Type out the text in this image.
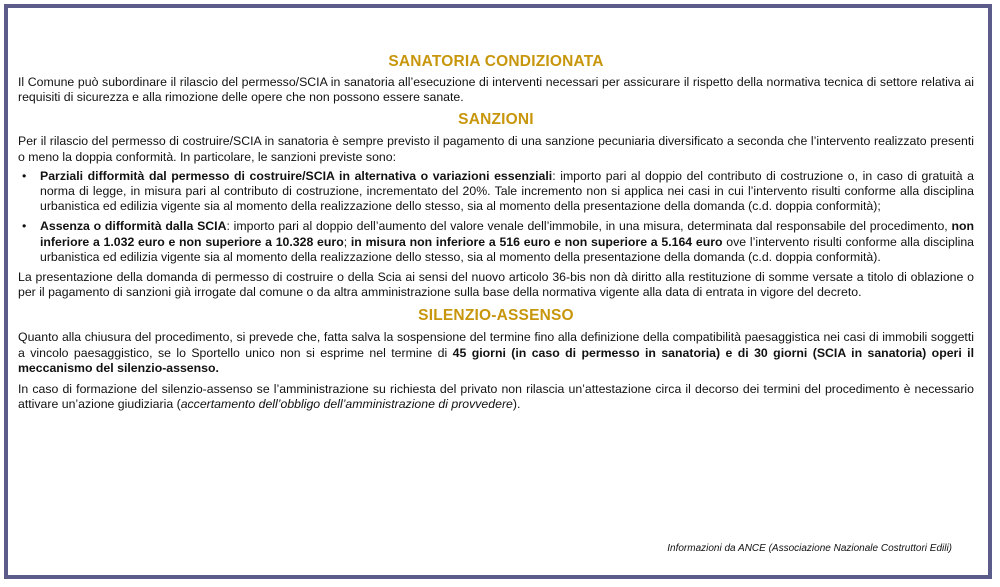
SANATORIA CONDIZIONATA

Il Comune può subordinare il rilascio del permesso/SCIA in sanatoria all’esecuzione di interventi necessari per assicurare il rispetto della normativa tecnica di settore relativa ai requisiti di sicurezza e alla rimozione delle opere che non possono essere sanate.

SANZIONI

Per il rilascio del permesso di costruire/SCIA in sanatoria è sempre previsto il pagamento di una sanzione pecuniaria diversificato a seconda che l’intervento realizzato presenti o meno la doppia conformità. In particolare, le sanzioni previste sono:

• Parziali difformità dal permesso di costruire/SCIA in alternativa o variazioni essenziali: importo pari al doppio del contributo di costruzione o, in caso di gratuità a norma di legge, in misura pari al contributo di costruzione, incrementato del 20%. Tale incremento non si applica nei casi in cui l’intervento risulti conforme alla disciplina urbanistica ed edilizia vigente sia al momento della realizzazione dello stesso, sia al momento della presentazione della domanda (c.d. doppia conformità);
• Assenza o difformità dalla SCIA: importo pari al doppio dell’aumento del valore venale dell’immobile, in una misura, determinata dal responsabile del procedimento, non inferiore a 1.032 euro e non superiore a 10.328 euro; in misura non inferiore a 516 euro e non superiore a 5.164 euro ove l’intervento risulti conforme alla disciplina urbanistica ed edilizia vigente sia al momento della realizzazione dello stesso, sia al momento della presentazione della domanda (c.d. doppia conformità).

La presentazione della domanda di permesso di costruire o della Scia ai sensi del nuovo articolo 36-bis non dà diritto alla restituzione di somme versate a titolo di oblazione o per il pagamento di sanzioni già irrogate dal comune o da altra amministrazione sulla base della normativa vigente alla data di entrata in vigore del decreto.

SILENZIO-ASSENSO

Quanto alla chiusura del procedimento, si prevede che, fatta salva la sospensione del termine fino alla definizione della compatibilità paesaggistica nei casi di immobili soggetti a vincolo paesaggistico, se lo Sportello unico non si esprime nel termine di 45 giorni (in caso di permesso in sanatoria) e di 30 giorni (SCIA in sanatoria) operi il meccanismo del silenzio-assenso.

In caso di formazione del silenzio-assenso se l’amministrazione su richiesta del privato non rilascia un’attestazione circa il decorso dei termini del procedimento è necessario attivare un’azione giudiziaria (accertamento dell’obbligo dell’amministrazione di provvedere).

Informazioni da ANCE (Associazione Nazionale Costruttori Edili)
